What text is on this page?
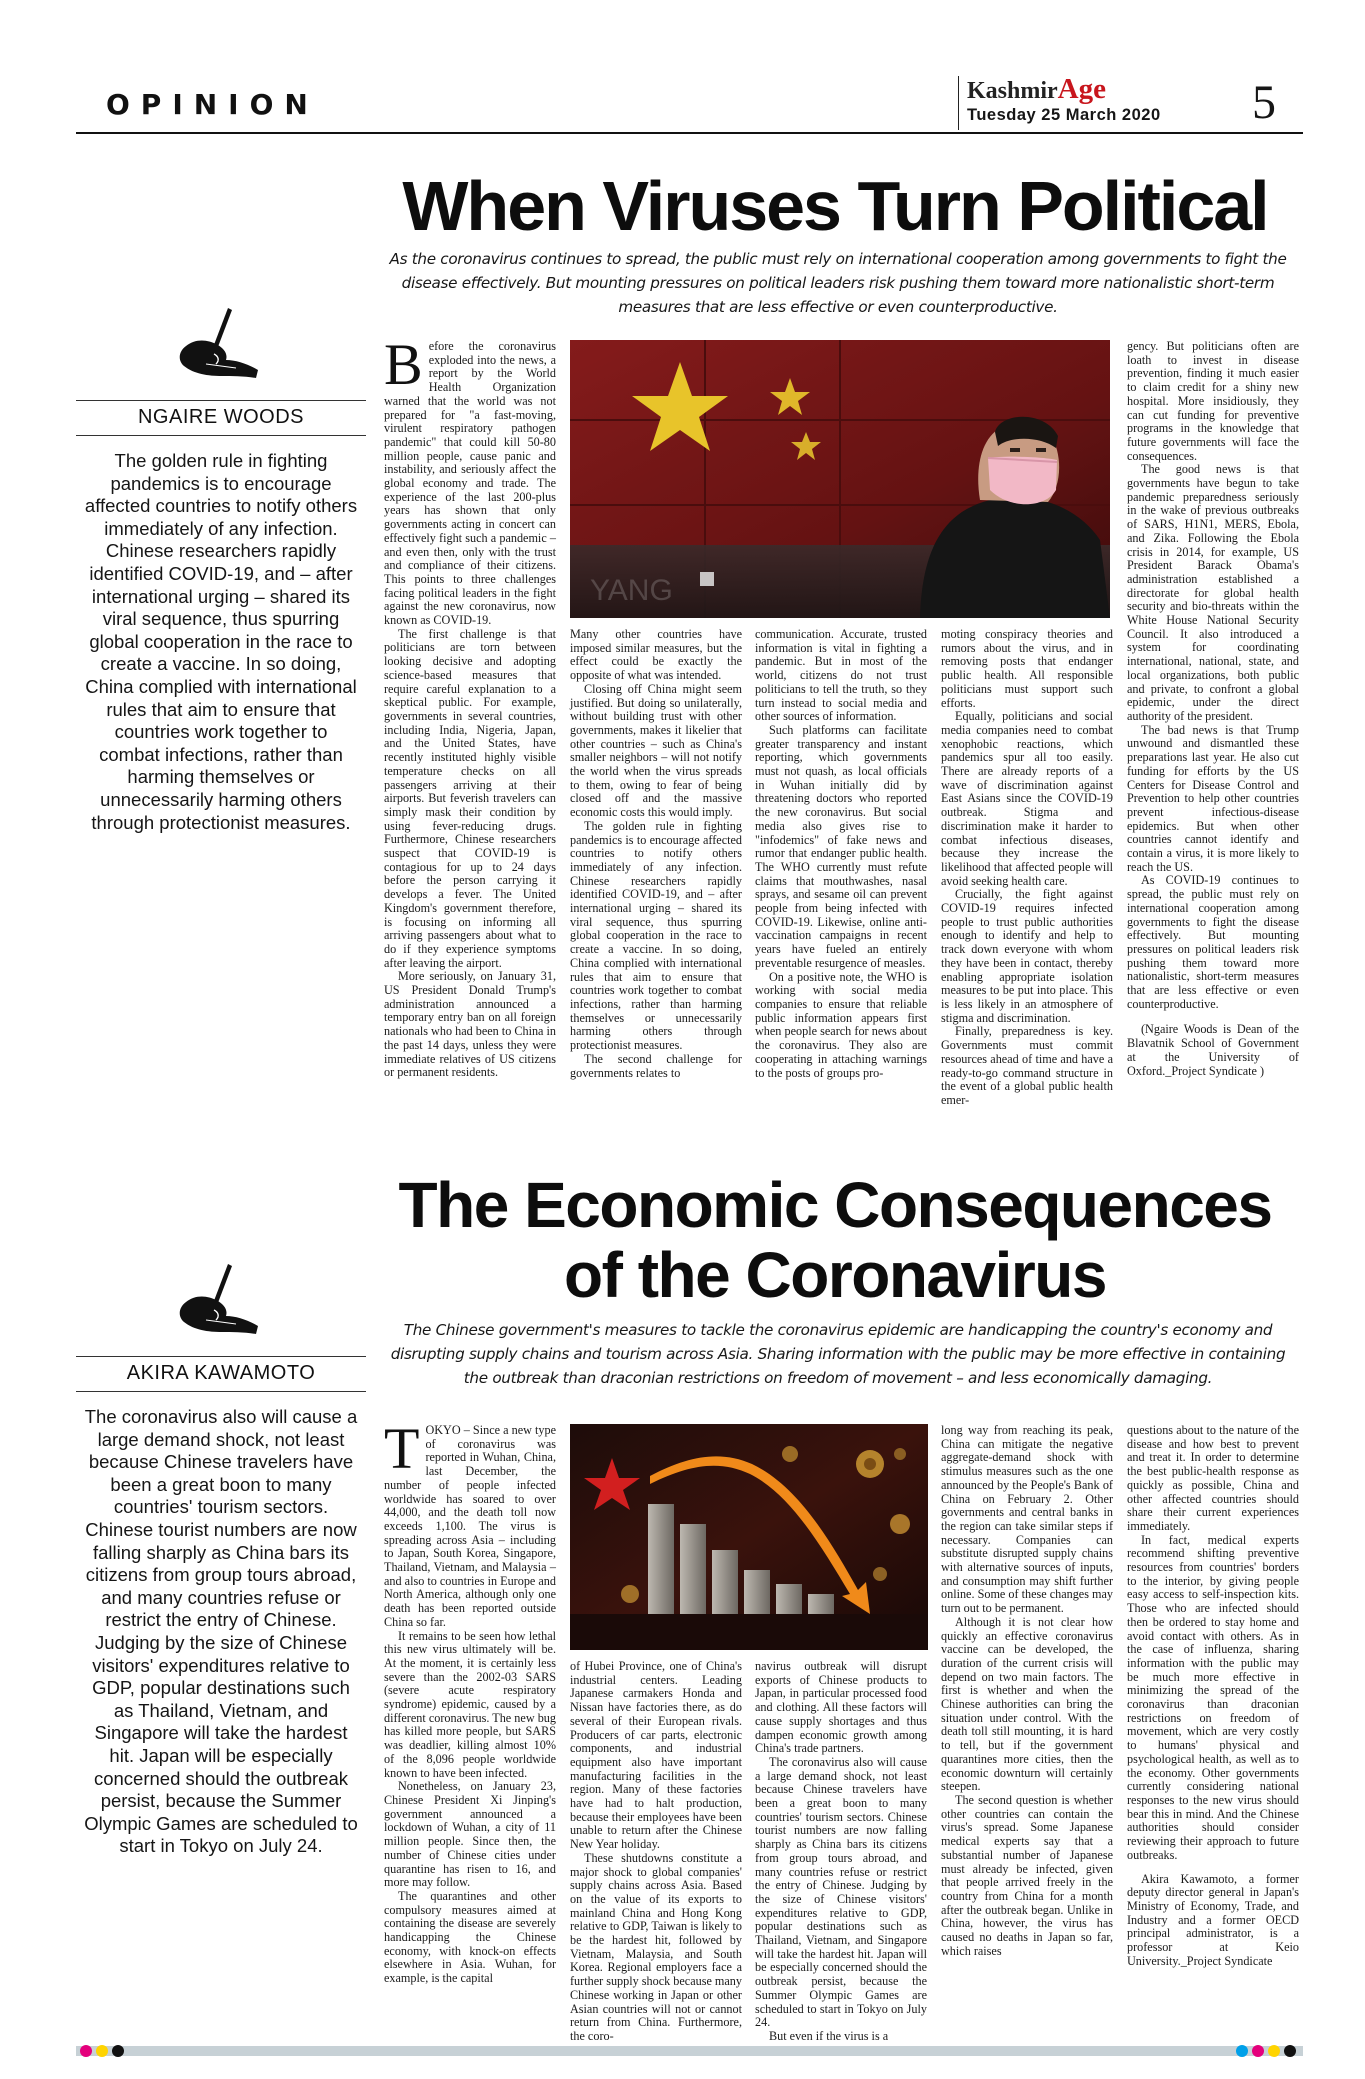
OPINION	KashmirAge
Tuesday 25 March 2020 5
When Viruses Turn Political
As the coronavirus continues to spread, the public must rely on international cooperation among governments to fight the disease effectively. But mounting pressures on political leaders risk pushing them toward more nationalistic short-term measures that are less effective or even counterproductive.
NGAIRE WOODS
The golden rule in fighting pandemics is to encourage affected countries to notify others immediately of any infection. Chinese researchers rapidly identified COVID-19, and – after international urging – shared its viral sequence, thus spurring global cooperation in the race to create a vaccine. In so doing, China complied with international rules that aim to ensure that countries work together to combat infections, rather than harming themselves or unnecessarily harming others through protectionist measures.
YANG
B efore the coronavirus exploded into the news, a report by the World Health Organization warned that the world was not prepared for "a fast-moving, virulent respiratory pathogen pandemic" that could kill 50-80 million people, cause panic and instability, and seriously affect the global economy and trade. The experience of the last 200-plus years has shown that only governments acting in concert can effectively fight such a pandemic – and even then, only with the trust and compliance of their citizens. This points to three challenges facing political leaders in the fight against the new coronavirus, now known as COVID-19.

The first challenge is that politicians are torn between looking decisive and adopting science-based measures that require careful explanation to a skeptical public. For example, governments in several countries, including India, Nigeria, Japan, and the United States, have recently instituted highly visible temperature checks on all passengers arriving at their airports. But feverish travelers can simply mask their condition by using fever-reducing drugs. Furthermore, Chinese researchers suspect that COVID-19 is contagious for up to 24 days before the person carrying it develops a fever. The United Kingdom's government therefore, is focusing on informing all arriving passengers about what to do if they experience symptoms after leaving the airport.

More seriously, on January 31, US President Donald Trump's administration announced a temporary entry ban on all foreign nationals who had been to China in the past 14 days, unless they were immediate relatives of US citizens or permanent residents.

Many other countries have imposed similar measures, but the effect could be exactly the opposite of what was intended.

Closing off China might seem justified. But doing so unilaterally, without building trust with other governments, makes it likelier that other countries – such as China's smaller neighbors – will not notify the world when the virus spreads to them, owing to fear of being closed off and the massive economic costs this would imply.

The golden rule in fighting pandemics is to encourage affected countries to notify others immediately of any infection. Chinese researchers rapidly identified COVID-19, and – after international urging – shared its viral sequence, thus spurring global cooperation in the race to create a vaccine. In so doing, China complied with international rules that aim to ensure that countries work together to combat infections, rather than harming themselves or unnecessarily harming others through protectionist measures.

The second challenge for governments relates to

communication. Accurate, trusted information is vital in fighting a pandemic. But in most of the world, citizens do not trust politicians to tell the truth, so they turn instead to social media and other sources of information.

Such platforms can facilitate greater transparency and instant reporting, which governments must not quash, as local officials in Wuhan initially did by threatening doctors who reported the new coronavirus. But social media also gives rise to "infodemics" of fake news and rumor that endanger public health. The WHO currently must refute claims that mouthwashes, nasal sprays, and sesame oil can prevent people from being infected with COVID-19. Likewise, online anti-vaccination campaigns in recent years have fueled an entirely preventable resurgence of measles.

On a positive note, the WHO is working with social media companies to ensure that reliable public information appears first when people search for news about the coronavirus. They also are cooperating in attaching warnings to the posts of groups pro-

moting conspiracy theories and rumors about the virus, and in removing posts that endanger public health. All responsible politicians must support such efforts.

Equally, politicians and social media companies need to combat xenophobic reactions, which pandemics spur all too easily. There are already reports of a wave of discrimination against East Asians since the COVID-19 outbreak. Stigma and discrimination make it harder to combat infectious diseases, because they increase the likelihood that affected people will avoid seeking health care.

Crucially, the fight against COVID-19 requires infected people to trust public authorities enough to identify and help to track down everyone with whom they have been in contact, thereby enabling appropriate isolation measures to be put into place. This is less likely in an atmosphere of stigma and discrimination.

Finally, preparedness is key. Governments must commit resources ahead of time and have a ready-to-go command structure in the event of a global public health emer-

gency. But politicians often are loath to invest in disease prevention, finding it much easier to claim credit for a shiny new hospital. More insidiously, they can cut funding for preventive programs in the knowledge that future governments will face the consequences.

The good news is that governments have begun to take pandemic preparedness seriously in the wake of previous outbreaks of SARS, H1N1, MERS, Ebola, and Zika. Following the Ebola crisis in 2014, for example, US President Barack Obama's administration established a directorate for global health security and bio-threats within the White House National Security Council. It also introduced a system for coordinating international, national, state, and local organizations, both public and private, to confront a global epidemic, under the direct authority of the president.

The bad news is that Trump unwound and dismantled these preparations last year. He also cut funding for efforts by the US Centers for Disease Control and Prevention to help other countries prevent infectious-disease epidemics. But when other countries cannot identify and contain a virus, it is more likely to reach the US.

As COVID-19 continues to spread, the public must rely on international cooperation among governments to fight the disease effectively. But mounting pressures on political leaders risk pushing them toward more nationalistic, short-term measures that are less effective or even counterproductive.

(Ngaire Woods is Dean of the Blavatnik School of Government at the University of Oxford._Project Syndicate )

The Economic Consequences
of the Coronavirus
The Chinese government's measures to tackle the coronavirus epidemic are handicapping the country's economy and disrupting supply chains and tourism across Asia. Sharing information with the public may be more effective in containing the outbreak than draconian restrictions on freedom of movement – and less economically damaging.
AKIRA KAWAMOTO
The coronavirus also will cause a large demand shock, not least because Chinese travelers have been a great boon to many countries' tourism sectors. Chinese tourist numbers are now falling sharply as China bars its citizens from group tours abroad, and many countries refuse or restrict the entry of Chinese. Judging by the size of Chinese visitors' expenditures relative to GDP, popular destinations such as Thailand, Vietnam, and Singapore will take the hardest hit. Japan will be especially concerned should the outbreak persist, because the Summer Olympic Games are scheduled to start in Tokyo on July 24.
T OKYO – Since a new type of coronavirus was reported in Wuhan, China, last December, the number of people infected worldwide has soared to over 44,000, and the death toll now exceeds 1,100. The virus is spreading across Asia – including to Japan, South Korea, Singapore, Thailand, Vietnam, and Malaysia – and also to countries in Europe and North America, although only one death has been reported outside China so far.

It remains to be seen how lethal this new virus ultimately will be. At the moment, it is certainly less severe than the 2002-03 SARS (severe acute respiratory syndrome) epidemic, caused by a different coronavirus. The new bug has killed more people, but SARS was deadlier, killing almost 10% of the 8,096 people worldwide known to have been infected.

Nonetheless, on January 23, Chinese President Xi Jinping's government announced a lockdown of Wuhan, a city of 11 million people. Since then, the number of Chinese cities under quarantine has risen to 16, and more may follow.

The quarantines and other compulsory measures aimed at containing the disease are severely handicapping the Chinese economy, with knock-on effects elsewhere in Asia. Wuhan, for example, is the capital

of Hubei Province, one of China's industrial centers. Leading Japanese carmakers Honda and Nissan have factories there, as do several of their European rivals. Producers of car parts, electronic components, and industrial equipment also have important manufacturing facilities in the region. Many of these factories have had to halt production, because their employees have been unable to return after the Chinese New Year holiday.

These shutdowns constitute a major shock to global companies' supply chains across Asia. Based on the value of its exports to mainland China and Hong Kong relative to GDP, Taiwan is likely to be the hardest hit, followed by Vietnam, Malaysia, and South Korea. Regional employers face a further supply shock because many Chinese working in Japan or other Asian countries will not or cannot return from China. Furthermore, the coro-

navirus outbreak will disrupt exports of Chinese products to Japan, in particular processed food and clothing. All these factors will cause supply shortages and thus dampen economic growth among China's trade partners.

The coronavirus also will cause a large demand shock, not least because Chinese travelers have been a great boon to many countries' tourism sectors. Chinese tourist numbers are now falling sharply as China bars its citizens from group tours abroad, and many countries refuse or restrict the entry of Chinese. Judging by the size of Chinese visitors' expenditures relative to GDP, popular destinations such as Thailand, Vietnam, and Singapore will take the hardest hit. Japan will be especially concerned should the outbreak persist, because the Summer Olympic Games are scheduled to start in Tokyo on July 24.

But even if the virus is a

long way from reaching its peak, China can mitigate the negative aggregate-demand shock with stimulus measures such as the one announced by the People's Bank of China on February 2. Other governments and central banks in the region can take similar steps if necessary. Companies can substitute disrupted supply chains with alternative sources of inputs, and consumption may shift further online. Some of these changes may turn out to be permanent.

Although it is not clear how quickly an effective coronavirus vaccine can be developed, the duration of the current crisis will depend on two main factors. The first is whether and when the Chinese authorities can bring the situation under control. With the death toll still mounting, it is hard to tell, but if the government quarantines more cities, then the economic downturn will certainly steepen.

The second question is whether other countries can contain the virus's spread. Some Japanese medical experts say that a substantial number of Japanese must already be infected, given that people arrived freely in the country from China for a month after the outbreak began. Unlike in China, however, the virus has caused no deaths in Japan so far, which raises

questions about to the nature of the disease and how best to prevent and treat it. In order to determine the best public-health response as quickly as possible, China and other affected countries should share their current experiences immediately.

In fact, medical experts recommend shifting preventive resources from countries' borders to the interior, by giving people easy access to self-inspection kits. Those who are infected should then be ordered to stay home and avoid contact with others. As in the case of influenza, sharing information with the public may be much more effective in minimizing the spread of the coronavirus than draconian restrictions on freedom of movement, which are very costly to humans' physical and psychological health, as well as to the economy. Other governments currently considering national responses to the new virus should bear this in mind. And the Chinese authorities should consider reviewing their approach to future outbreaks.

Akira Kawamoto, a former deputy director general in Japan's Ministry of Economy, Trade, and Industry and a former OECD principal administrator, is a professor at Keio University._Project Syndicate
